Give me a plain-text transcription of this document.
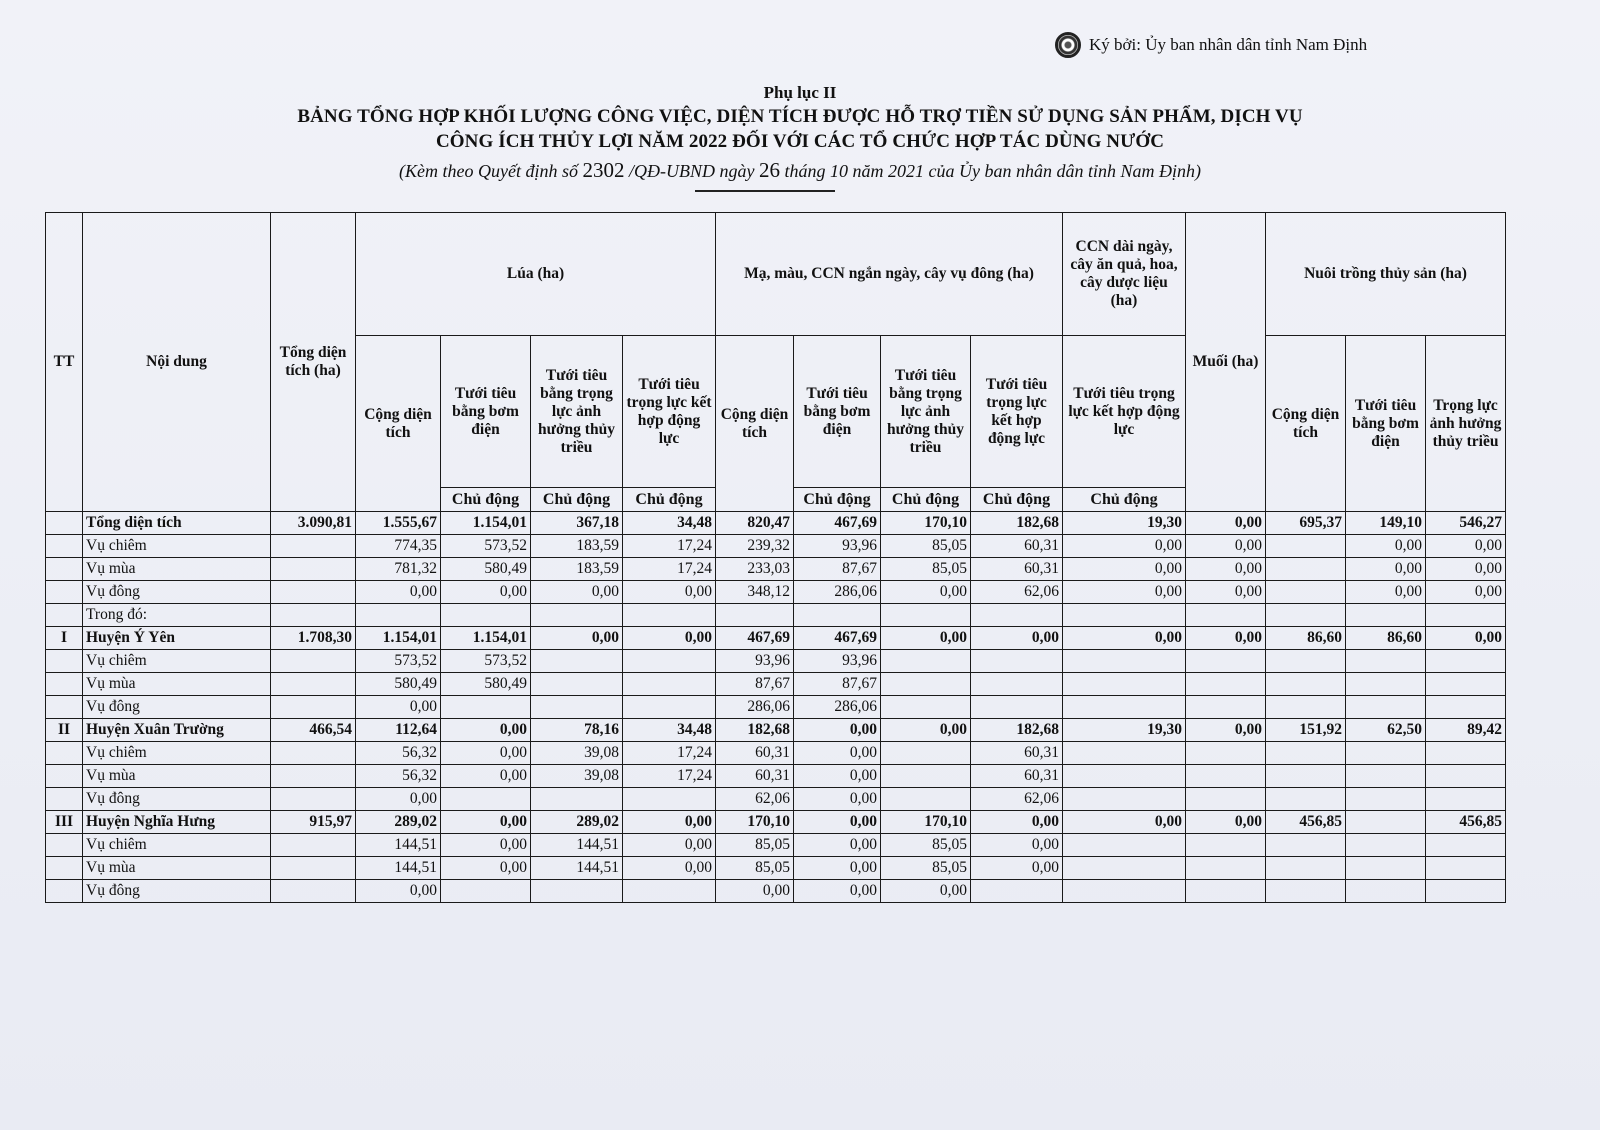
Ký bởi: Ủy ban nhân dân tỉnh Nam Định
Phụ lục II
BẢNG TỔNG HỢP KHỐI LƯỢNG CÔNG VIỆC, DIỆN TÍCH ĐƯỢC HỖ TRỢ TIỀN SỬ DỤNG SẢN PHẨM, DỊCH VỤ
CÔNG ÍCH THỦY LỢI NĂM 2022 ĐỐI VỚI CÁC TỔ CHỨC HỢP TÁC DÙNG NƯỚC
(Kèm theo Quyết định số 2302 /QĐ-UBND ngày 26 tháng 10 năm 2021 của Ủy ban nhân dân tỉnh Nam Định)
TT	Nội dung	Tổng diện tích (ha)	Lúa (ha)				Mạ, màu, CCN ngắn ngày, cây vụ đông (ha)				CCN dài ngày, cây ăn quả, hoa, cây dược liệu (ha)	Muối (ha)	Nuôi trồng thủy sản (ha)		
			Cộng diện tích	Tưới tiêu bằng bơm điện	Tưới tiêu bằng trọng lực ảnh hưởng thủy triều	Tưới tiêu trọng lực kết hợp động lực	Cộng diện tích	Tưới tiêu bằng bơm điện	Tưới tiêu bằng trọng lực ảnh hưởng thủy triều	Tưới tiêu trọng lực kết hợp động lực	Tưới tiêu trọng lực kết hợp động lực		Cộng diện tích	Tưới tiêu bằng bơm điện	Trọng lực ảnh hưởng thủy triều
				Chủ động	Chủ động	Chủ động		Chủ động	Chủ động	Chủ động	Chủ động				
	Tổng diện tích	3.090,81	1.555,67	1.154,01	367,18	34,48	820,47	467,69	170,10	182,68	19,30	0,00	695,37	149,10	546,27
	Vụ chiêm		774,35	573,52	183,59	17,24	239,32	93,96	85,05	60,31	0,00	0,00		0,00	0,00
	Vụ mùa		781,32	580,49	183,59	17,24	233,03	87,67	85,05	60,31	0,00	0,00		0,00	0,00
	Vụ đông		0,00	0,00	0,00	0,00	348,12	286,06	0,00	62,06	0,00	0,00		0,00	0,00
	Trong đó:														
I	Huyện Ý Yên	1.708,30	1.154,01	1.154,01	0,00	0,00	467,69	467,69	0,00	0,00	0,00	0,00	86,60	86,60	0,00
	Vụ chiêm		573,52	573,52			93,96	93,96							
	Vụ mùa		580,49	580,49			87,67	87,67							
	Vụ đông		0,00				286,06	286,06							
II	Huyện Xuân Trường	466,54	112,64	0,00	78,16	34,48	182,68	0,00	0,00	182,68	19,30	0,00	151,92	62,50	89,42
	Vụ chiêm		56,32	0,00	39,08	17,24	60,31	0,00		60,31					
	Vụ mùa		56,32	0,00	39,08	17,24	60,31	0,00		60,31					
	Vụ đông		0,00				62,06	0,00		62,06					
III	Huyện Nghĩa Hưng	915,97	289,02	0,00	289,02	0,00	170,10	0,00	170,10	0,00	0,00	0,00	456,85		456,85
	Vụ chiêm		144,51	0,00	144,51	0,00	85,05	0,00	85,05	0,00					
	Vụ mùa		144,51	0,00	144,51	0,00	85,05	0,00	85,05	0,00					
	Vụ đông		0,00				0,00	0,00	0,00						
